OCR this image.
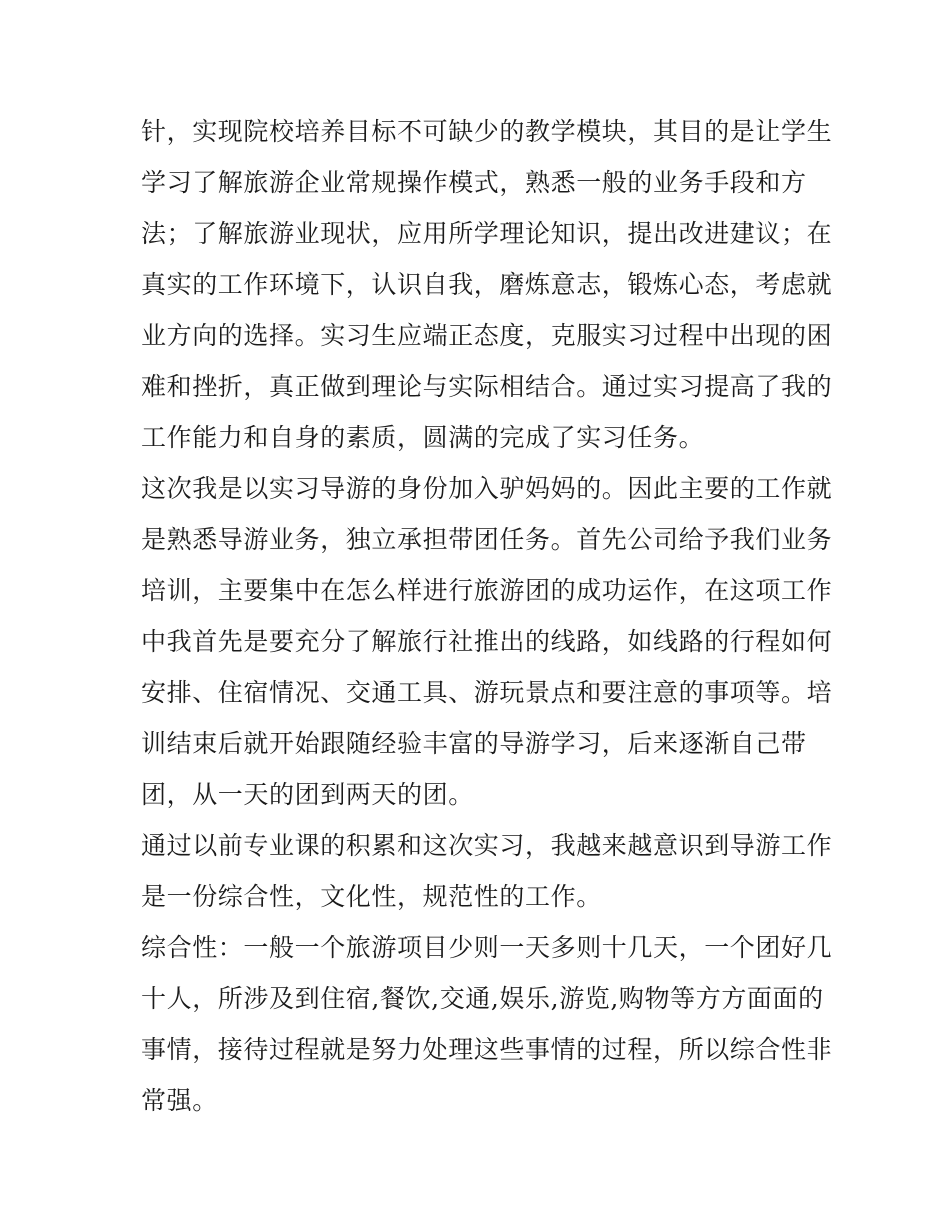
针，实现院校培养目标不可缺少的教学模块，其目的是让学生
学习了解旅游企业常规操作模式，熟悉一般的业务手段和方
法；了解旅游业现状，应用所学理论知识，提出改进建议；在
真实的工作环境下，认识自我，磨炼意志，锻炼心态，考虑就
业方向的选择。实习生应端正态度，克服实习过程中出现的困
难和挫折，真正做到理论与实际相结合。通过实习提高了我的
工作能力和自身的素质，圆满的完成了实习任务。
这次我是以实习导游的身份加入驴妈妈的。因此主要的工作就
是熟悉导游业务，独立承担带团任务。首先公司给予我们业务
培训，主要集中在怎么样进行旅游团的成功运作，在这项工作
中我首先是要充分了解旅行社推出的线路，如线路的行程如何
安排、住宿情况、交通工具、游玩景点和要注意的事项等。培
训结束后就开始跟随经验丰富的导游学习，后来逐渐自己带
团，从一天的团到两天的团。
通过以前专业课的积累和这次实习，我越来越意识到导游工作
是一份综合性，文化性，规范性的工作。
综合性：一般一个旅游项目少则一天多则十几天，一个团好几
十人，所涉及到住宿,餐饮,交通,娱乐,游览,购物等方方面面的
事情，接待过程就是努力处理这些事情的过程，所以综合性非
常强。
